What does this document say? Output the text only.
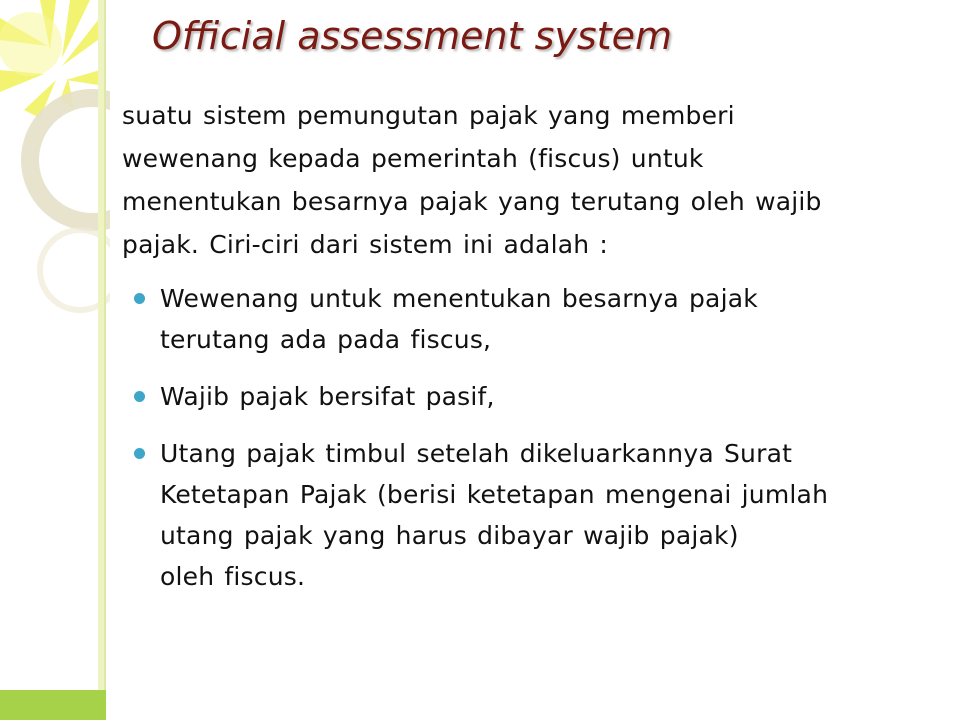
Official assessment system

suatu sistem pemungutan pajak yang memberi
wewenang kepada pemerintah (fiscus) untuk
menentukan besarnya pajak yang terutang oleh wajib
pajak. Ciri-ciri dari sistem ini adalah :

Wewenang untuk menentukan besarnya pajak
terutang ada pada fiscus,
Wajib pajak bersifat pasif,
Utang pajak timbul setelah dikeluarkannya Surat
Ketetapan Pajak (berisi ketetapan mengenai jumlah
utang pajak yang harus dibayar wajib pajak)
oleh fiscus.
